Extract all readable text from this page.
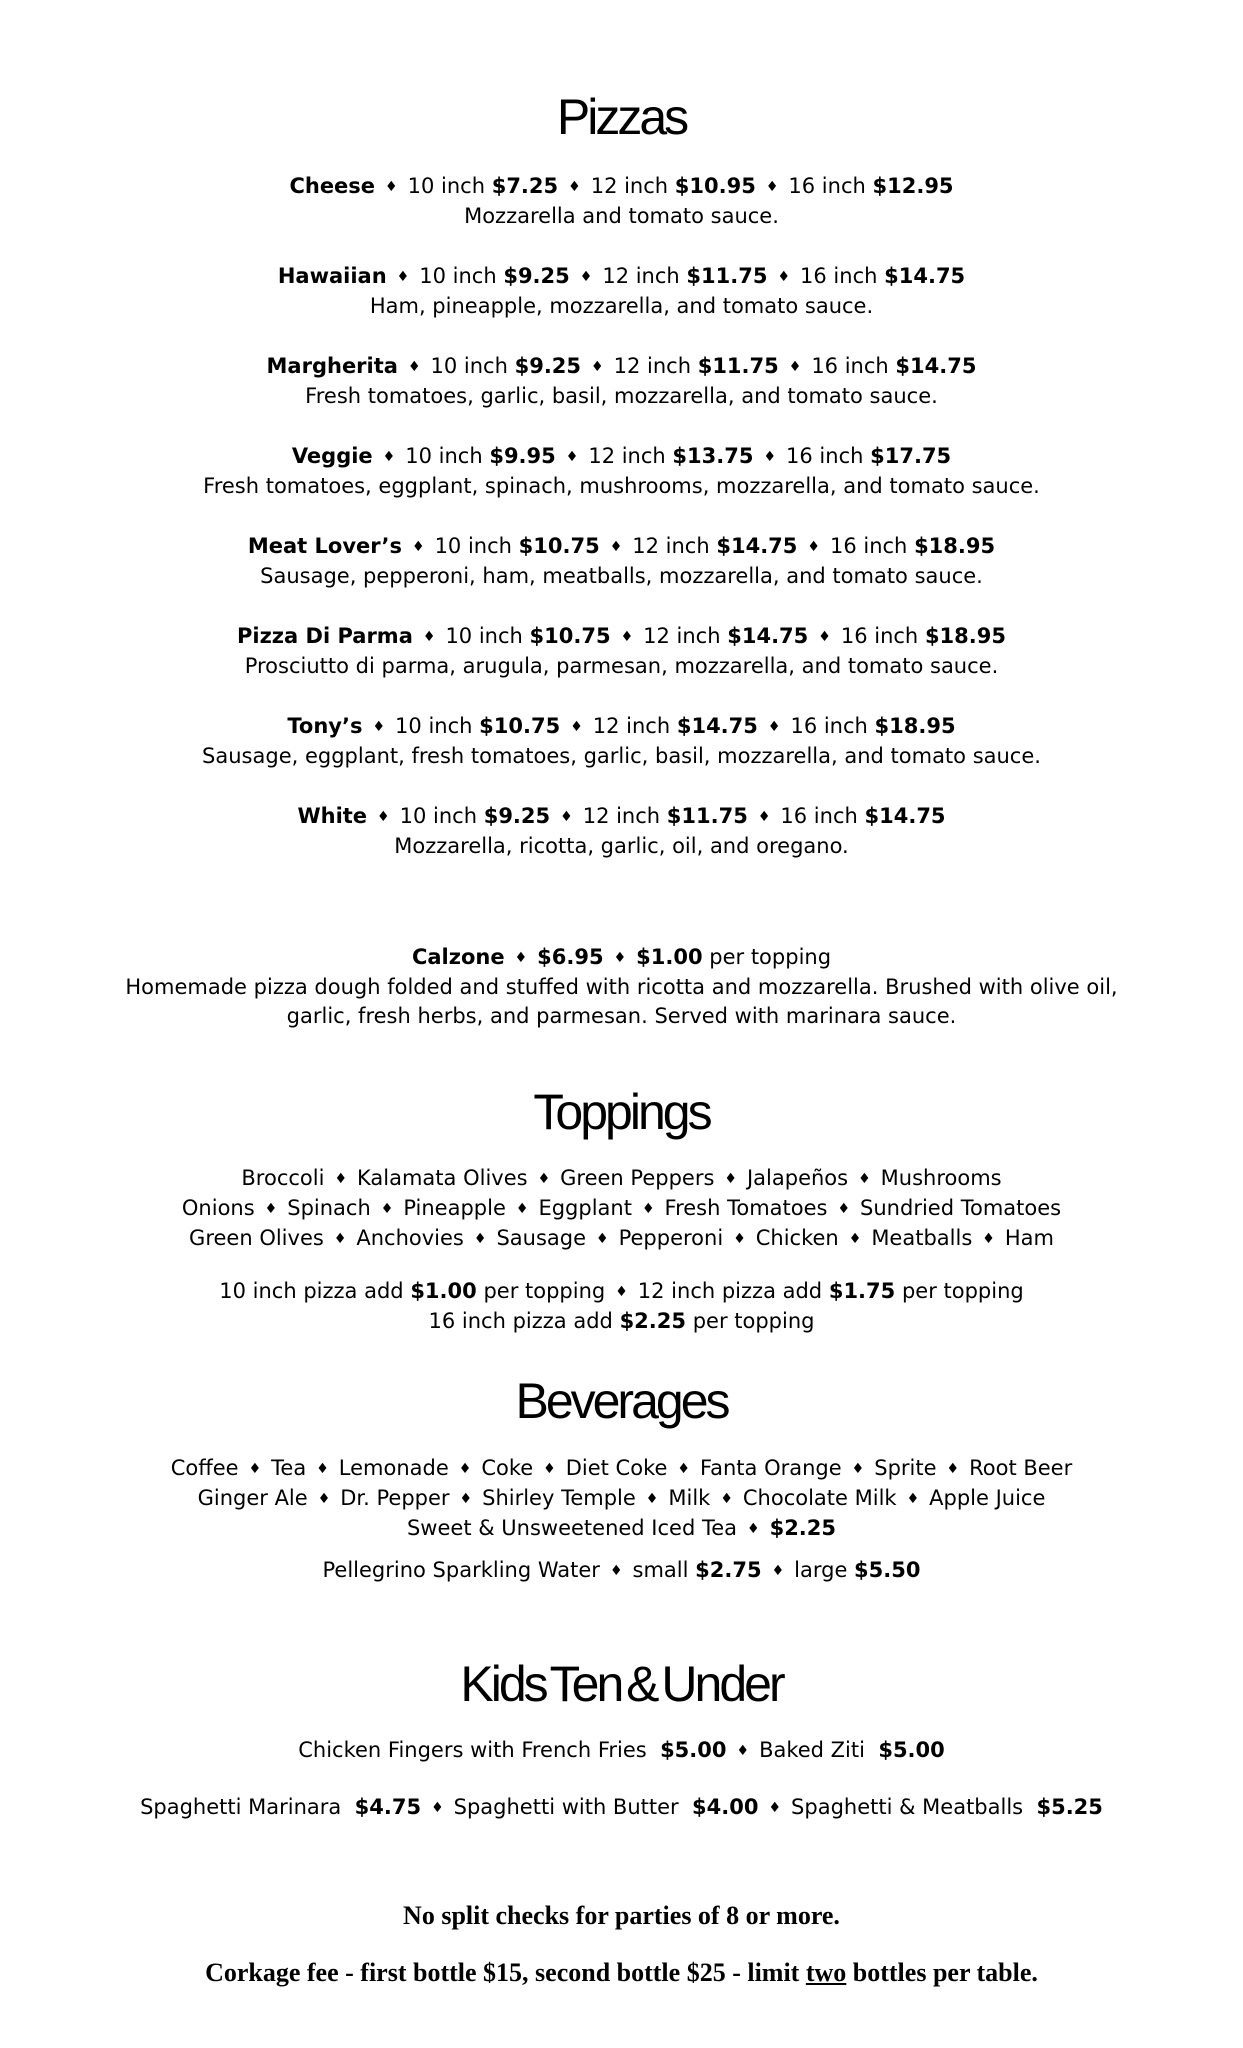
Pizzas
Cheese ♦ 10 inch $7.25 ♦ 12 inch $10.95 ♦ 16 inch $12.95
Mozzarella and tomato sauce.
Hawaiian ♦ 10 inch $9.25 ♦ 12 inch $11.75 ♦ 16 inch $14.75
Ham, pineapple, mozzarella, and tomato sauce.
Margherita ♦ 10 inch $9.25 ♦ 12 inch $11.75 ♦ 16 inch $14.75
Fresh tomatoes, garlic, basil, mozzarella, and tomato sauce.
Veggie ♦ 10 inch $9.95 ♦ 12 inch $13.75 ♦ 16 inch $17.75
Fresh tomatoes, eggplant, spinach, mushrooms, mozzarella, and tomato sauce.
Meat Lover’s ♦ 10 inch $10.75 ♦ 12 inch $14.75 ♦ 16 inch $18.95
Sausage, pepperoni, ham, meatballs, mozzarella, and tomato sauce.
Pizza Di Parma ♦ 10 inch $10.75 ♦ 12 inch $14.75 ♦ 16 inch $18.95
Prosciutto di parma, arugula, parmesan, mozzarella, and tomato sauce.
Tony’s ♦ 10 inch $10.75 ♦ 12 inch $14.75 ♦ 16 inch $18.95
Sausage, eggplant, fresh tomatoes, garlic, basil, mozzarella, and tomato sauce.
White ♦ 10 inch $9.25 ♦ 12 inch $11.75 ♦ 16 inch $14.75
Mozzarella, ricotta, garlic, oil, and oregano.
Calzone ♦ $6.95 ♦ $1.00 per topping
Homemade pizza dough folded and stuffed with ricotta and mozzarella. Brushed with olive oil,
garlic, fresh herbs, and parmesan. Served with marinara sauce.
Toppings
Broccoli ♦ Kalamata Olives ♦ Green Peppers ♦ Jalapeños ♦ Mushrooms
Onions ♦ Spinach ♦ Pineapple ♦ Eggplant ♦ Fresh Tomatoes ♦ Sundried Tomatoes
Green Olives ♦ Anchovies ♦ Sausage ♦ Pepperoni ♦ Chicken ♦ Meatballs ♦ Ham
10 inch pizza add $1.00 per topping ♦ 12 inch pizza add $1.75 per topping
16 inch pizza add $2.25 per topping
Beverages
Coffee ♦ Tea ♦ Lemonade ♦ Coke ♦ Diet Coke ♦ Fanta Orange ♦ Sprite ♦ Root Beer
Ginger Ale ♦ Dr. Pepper ♦ Shirley Temple ♦ Milk ♦ Chocolate Milk ♦ Apple Juice
Sweet & Unsweetened Iced Tea ♦ $2.25
Pellegrino Sparkling Water ♦ small $2.75 ♦ large $5.50
Kids Ten & Under
Chicken Fingers with French Fries $5.00 ♦ Baked Ziti $5.00
Spaghetti Marinara $4.75 ♦ Spaghetti with Butter $4.00 ♦ Spaghetti & Meatballs $5.25
No split checks for parties of 8 or more.
Corkage fee - first bottle $15, second bottle $25 - limit two bottles per table.
